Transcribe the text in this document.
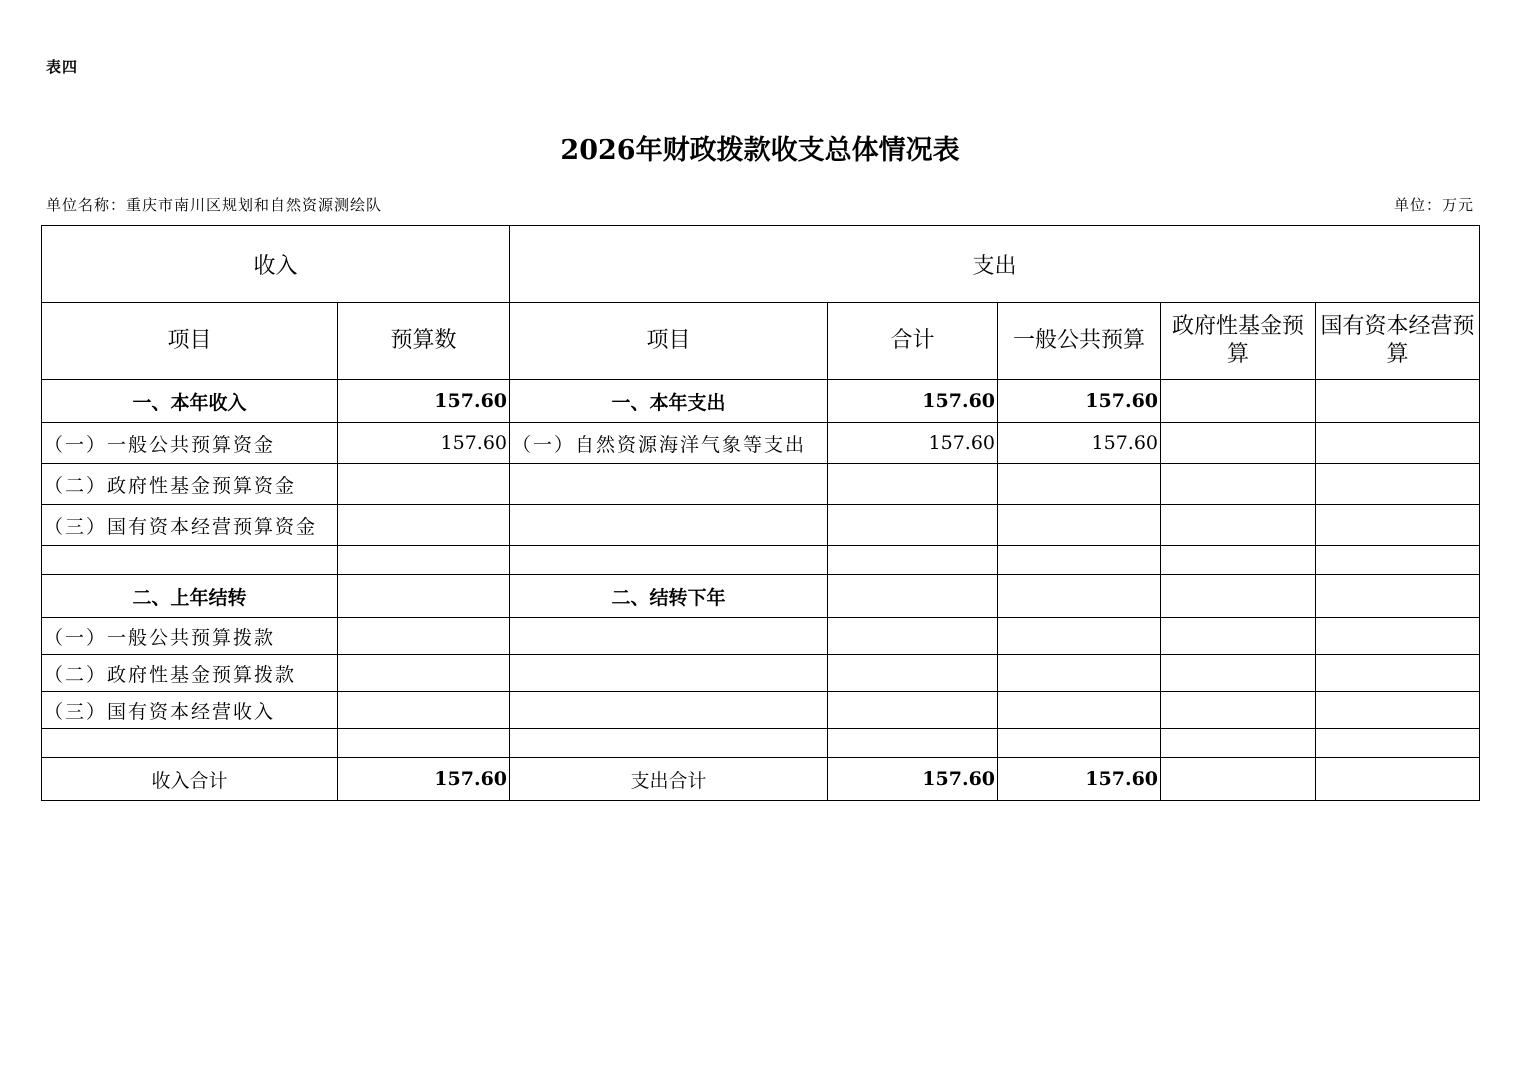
表四
2026年财政拨款收支总体情况表
单位名称：重庆市南川区规划和自然资源测绘队	单位：万元
收入		支出				
项目	预算数	项目	合计	一般公共预算	政府性基金预算	国有资本经营预算
一、本年收入	157.60	一、本年支出	157.60	157.60		
（一）一般公共预算资金	157.60	（一）自然资源海洋气象等支出	157.60	157.60		
（二）政府性基金预算资金						
（三）国有资本经营预算资金						

二、上年结转		二、结转下年				
（一）一般公共预算拨款						
（二）政府性基金预算拨款						
（三）国有资本经营收入						

收入合计	157.60	支出合计	157.60	157.60		
